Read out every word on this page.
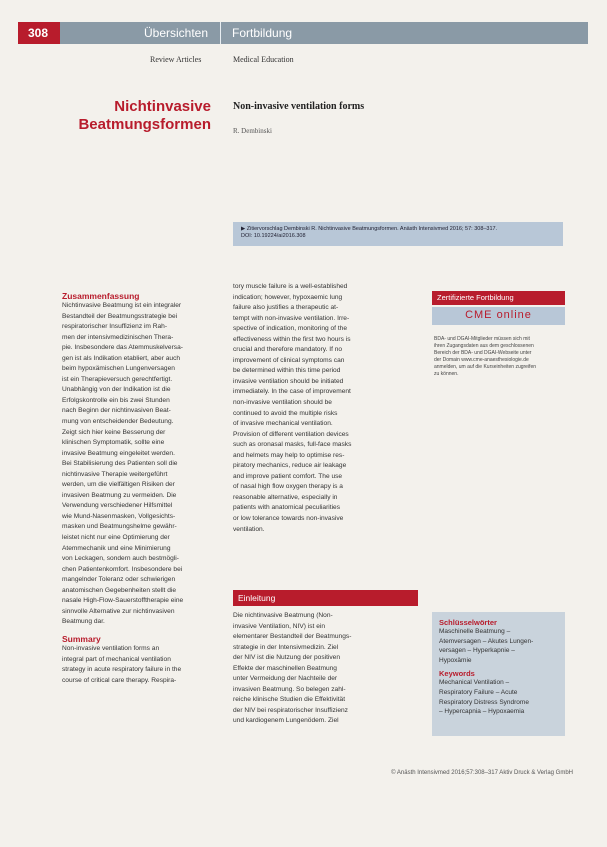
308	Übersichten Fortbildung
Review Articles	Medical Education
Nichtinvasive
Beatmungsformen
Non-invasive ventilation forms
R. Dembinski

▶ Zitiervorschlag Dembinski R. Nichtinvasive Beatmungsformen. Anästh Intensivmed 2016; 57: 308–317.
DOI: 10.19224/ai2016.308

Zusammenfassung
Nichtinvasive Beatmung ist ein integraler
Bestandteil der Beatmungsstrategie bei
respiratorischer Insuffizienz im Rah-
men der intensivmedizinischen Thera-
pie. Insbesondere das Atemmuskelversa-
gen ist als Indikation etabliert, aber auch
beim hypoxämischen Lungenversagen
ist ein Therapieversuch gerechtfertigt.
Unabhängig von der Indikation ist die
Erfolgskontrolle ein bis zwei Stunden
nach Beginn der nichtinvasiven Beat-
mung von entscheidender Bedeutung.
Zeigt sich hier keine Besserung der
klinischen Symptomatik, sollte eine
invasive Beatmung eingeleitet werden.
Bei Stabilisierung des Patienten soll die
nichtinvasive Therapie weitergeführt
werden, um die vielfältigen Risiken der
invasiven Beatmung zu vermeiden. Die
Verwendung verschiedener Hilfsmittel
wie Mund-Nasenmasken, Vollgesichts-
masken und Beatmungshelme gewähr-
leistet nicht nur eine Optimierung der
Atemmechanik und eine Minimierung
von Leckagen, sondern auch bestmögli-
chen Patientenkomfort. Insbesondere bei
mangelnder Toleranz oder schwierigen
anatomischen Gegebenheiten stellt die
nasale High-Flow-Sauerstofftherapie eine
sinnvolle Alternative zur nichtinvasiven
Beatmung dar.
Summary
Non-invasive ventilation forms an
integral part of mechanical ventilation
strategy in acute respiratory failure in the
course of critical care therapy. Respira-
tory muscle failure is a well-established
indication; however, hypoxaemic lung
failure also justifies a therapeutic at-
tempt with non-invasive ventilation. Irre-
spective of indication, monitoring of the
effectiveness within the first two hours is
crucial and therefore mandatory. If no
improvement of clinical symptoms can
be determined within this time period
invasive ventilation should be initiated
immediately. In the case of improvement
non-invasive ventilation should be
continued to avoid the multiple risks
of invasive mechanical ventilation.
Provision of different ventilation devices
such as oronasal masks, full-face masks
and helmets may help to optimise res-
piratory mechanics, reduce air leakage
and improve patient comfort. The use
of nasal high flow oxygen therapy is a
reasonable alternative, especially in
patients with anatomical peculiarities
or low tolerance towards non-invasive
ventilation.
Einleitung
Die nichtinvasive Beatmung (Non-
invasive Ventilation, NIV) ist ein
elementarer Bestandteil der Beatmungs-
strategie in der Intensivmedizin. Ziel
der NIV ist die Nutzung der positiven
Effekte der maschinellen Beatmung
unter Vermeidung der Nachteile der
invasiven Beatmung. So belegen zahl-
reiche klinische Studien die Effektivität
der NIV bei respiratorischer Insuffizienz
und kardiogenem Lungenödem. Ziel
Zertifizierte Fortbildung
CME online

BDA- und DGAI-Mitglieder müssen sich mit
ihren Zugangsdaten aus dem geschlossenen
Bereich der BDA- und DGAI-Webseite unter
der Domain www.cme-anaesthesiologie.de
anmelden, um auf die Kurseinheiten zugreifen
zu können.

Schlüsselwörter

Maschinelle Beatmung –
Atemversagen – Akutes Lungen-
versagen – Hyperkapnie –
Hypoxämie

Keywords

Mechanical Ventilation –
Respiratory Failure – Acute
Respiratory Distress Syndrome
– Hypercapnia – Hypoxaemia
© Anästh Intensivmed 2016;57:308–317 Aktiv Druck & Verlag GmbH
